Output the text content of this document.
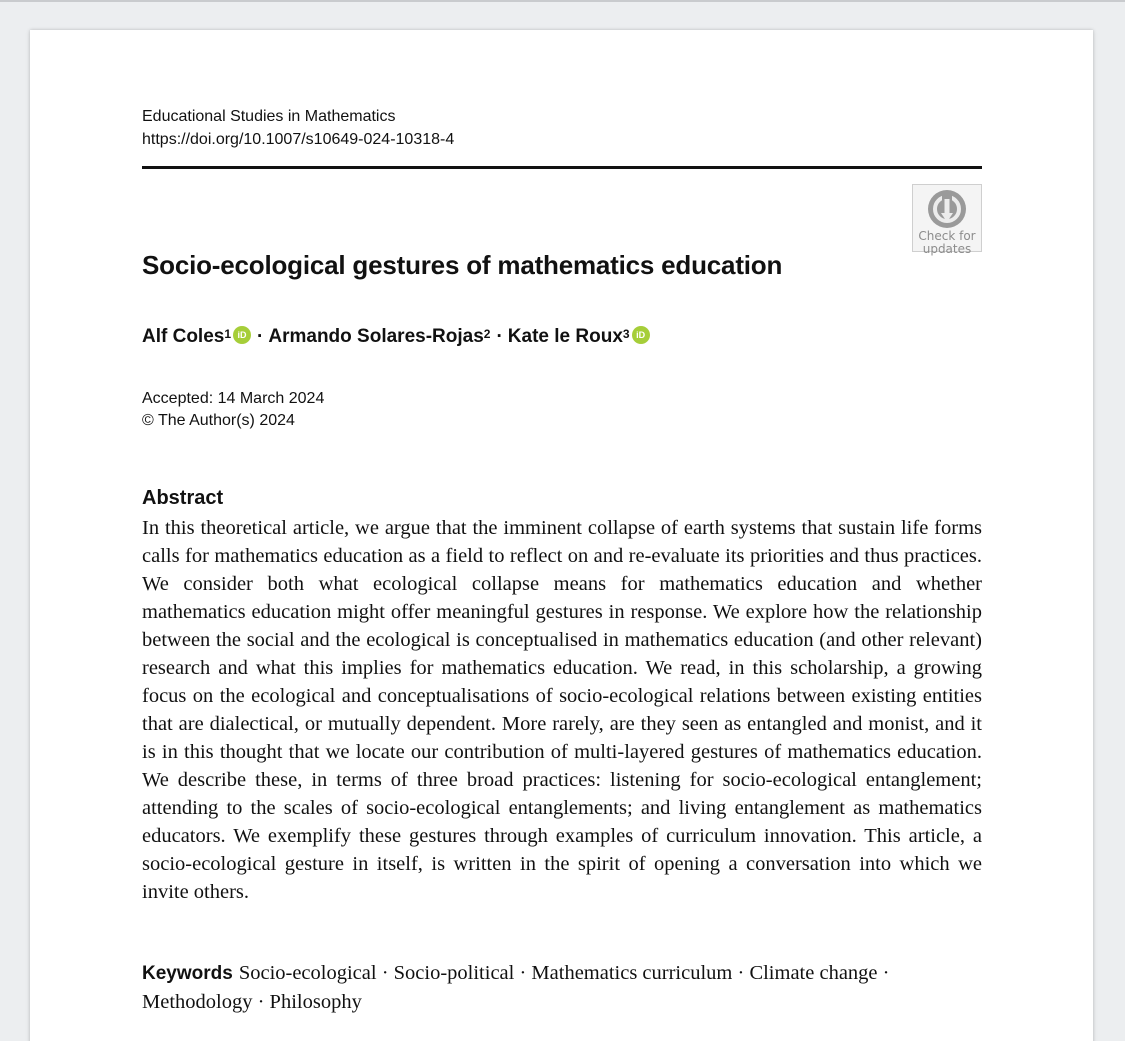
Educational Studies in Mathematics
https://doi.org/10.1007/s10649-024-10318-4
Check for
updates
Socio-ecological gestures of mathematics education
Alf Coles$^1$ iD · Armando Solares-Rojas$^2$ · Kate le Roux$^3$ iD
Accepted: 14 March 2024
© The Author(s) 2024
Abstract

In this theoretical article, we argue that the imminent collapse of earth systems that sustain life forms calls for mathematics education as a field to reflect on and re-evaluate its priorities and thus practices. We consider both what ecological collapse means for mathematics education and whether mathematics education might offer meaningful gestures in response. We explore how the relationship between the social and the ecological is conceptualised in mathematics education (and other relevant) research and what this implies for mathematics education. We read, in this scholarship, a growing focus on the ecological and conceptualisations of socio-ecological relations between existing entities that are dialectical, or mutually dependent. More rarely, are they seen as entangled and monist, and it is in this thought that we locate our contribution of multi-layered gestures of mathematics education. We describe these, in terms of three broad practices: listening for socio-ecological entanglement; attending to the scales of socio-ecological entanglements; and living entanglement as mathematics educators. We exemplify these gestures through examples of curriculum innovation. This article, a socio-ecological gesture in itself, is written in the spirit of opening a conversation into which we invite others.

Keywords Socio-ecological · Socio-political · Mathematics curriculum · Climate change · Methodology · Philosophy
